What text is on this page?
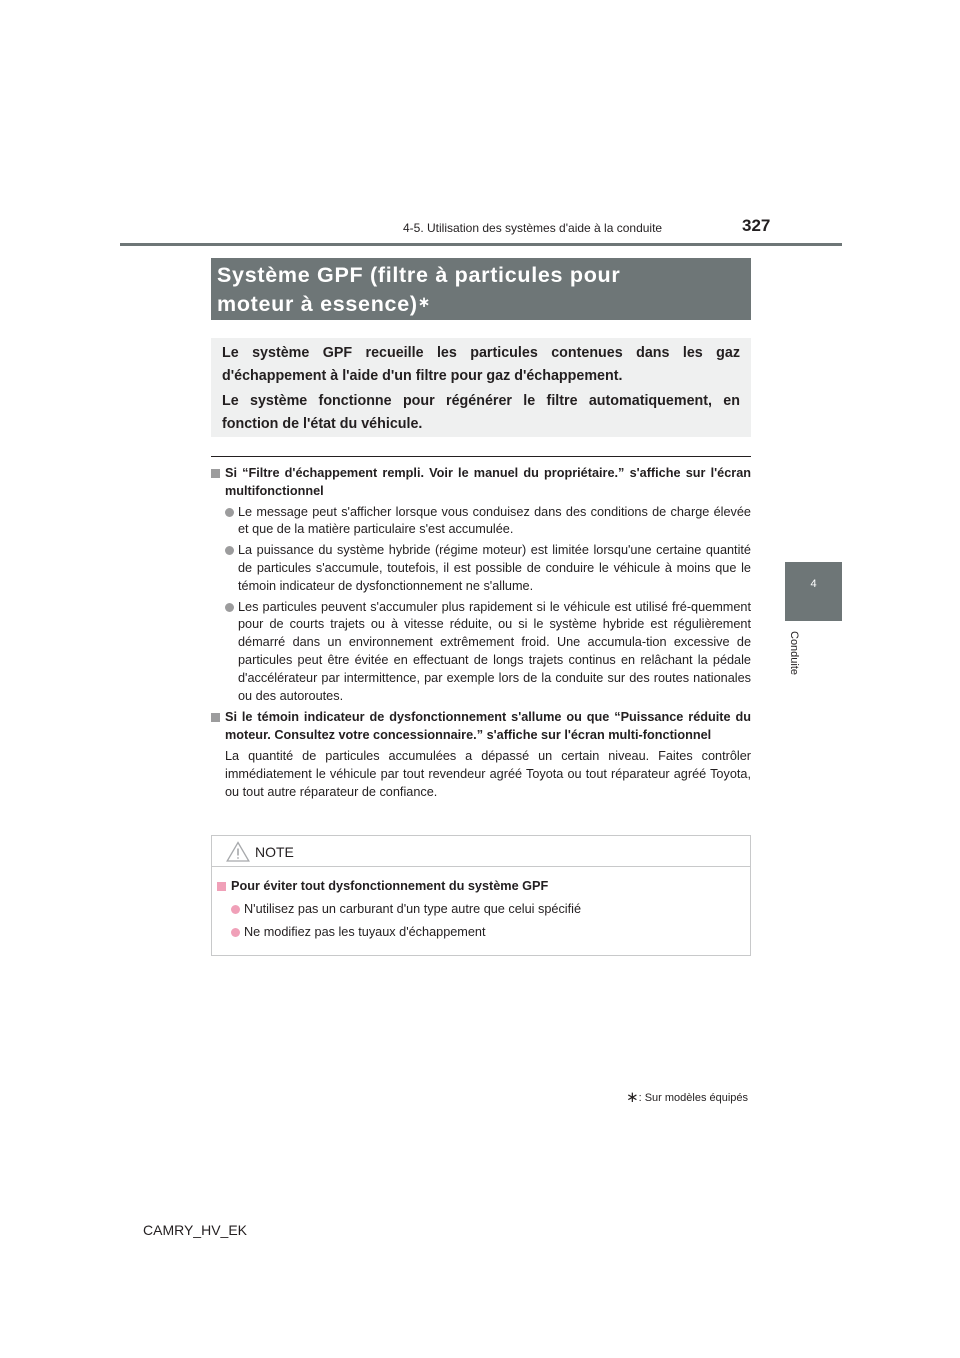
4-5. Utilisation des systèmes d'aide à la conduite	327
4
Conduite
Système GPF (filtre à particules pour
moteur à essence)∗

Le système GPF recueille les particules contenues dans les gaz d'échappement à l'aide d'un filtre pour gaz d'échappement.

Le système fonctionne pour régénérer le filtre automatiquement, en fonction de l'état du véhicule.

Si “Filtre d'échappement rempli. Voir le manuel du propriétaire.” s'affiche sur l'écran multifonctionnel
Le message peut s'afficher lorsque vous conduisez dans des conditions de charge élevée et que de la matière particulaire s'est accumulée.
La puissance du système hybride (régime moteur) est limitée lorsqu'une certaine quantité de particules s'accumule, toutefois, il est possible de conduire le véhicule à moins que le témoin indicateur de dysfonctionnement ne s'allume.
Les particules peuvent s'accumuler plus rapidement si le véhicule est utilisé fré-quemment pour de courts trajets ou à vitesse réduite, ou si le système hybride est régulièrement démarré dans un environnement extrêmement froid. Une accumula-tion excessive de particules peut être évitée en effectuant de longs trajets continus en relâchant la pédale d'accélérateur par intermittence, par exemple lors de la conduite sur des routes nationales ou des autoroutes.
Si le témoin indicateur de dysfonctionnement s'allume ou que “Puissance réduite du moteur. Consultez votre concessionnaire.” s'affiche sur l'écran multi-fonctionnel
La quantité de particules accumulées a dépassé un certain niveau. Faites contrôler immédiatement le véhicule par tout revendeur agréé Toyota ou tout réparateur agréé Toyota, ou tout autre réparateur de confiance.
NOTE
Pour éviter tout dysfonctionnement du système GPF
N'utilisez pas un carburant d'un type autre que celui spécifié
Ne modifiez pas les tuyaux d'échappement
∗: Sur modèles équipés
CAMRY_HV_EK
